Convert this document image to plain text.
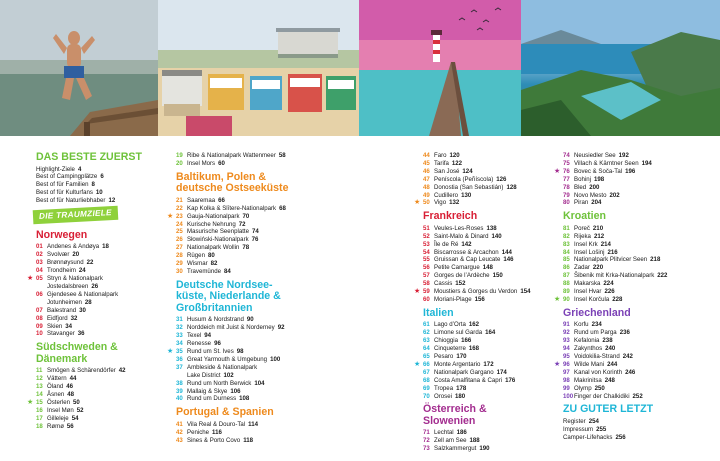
DAS BESTE ZUERST
Highlight-Ziele 4
Best of Campingplätze 6
Best of für Familien 8
Best of für Kulturfans 10
Best of für Naturliebhaber 12
DIE TRAUMZIELE
Norwegen
01 Andenes & Andøya 18
02 Svolvær 20
03 Brønnøysund 22
04 Trondheim 24
★ 05 Stryn & Nationalpark
Jostedalsbreen 26
06 Gjendesee & Nationalpark
Jotunheimen 28
07 Balestrand 30
08 Eidfjord 32
09 Skien 34
10 Stavanger 36
Südschweden &
Dänemark
11 Smögen & Schärendörfer 42
12 Vättern 44
13 Öland 46
14 Åsnen 48
★ 15 Österlen 50
16 Insel Møn 52
17 Gilleleje 54
18 Rømø 56
19 Ribe & Nationalpark Wattenmeer 58
20 Insel Mors 60
Baltikum, Polen &
deutsche Ostseeküste
21 Saaremaa 66
22 Kap Kolka & Slītere-Nationalpark 68
★ 23 Gauja-Nationalpark 70
24 Kurische Nehrung 72
25 Masurische Seenplatte 74
26 Słowiński-Nationalpark 76
27 Nationalpark Wollin 78
28 Rügen 80
29 Wismar 82
30 Travemünde 84
Deutsche Nordsee-
küste, Niederlande &
Großbritannien
31 Husum & Nordstrand 90
32 Norddeich mit Juist & Norderney 92
33 Texel 94
34 Renesse 96
★ 35 Rund um St. Ives 98
36 Great Yarmouth & Umgebung 100
37 Ambleside & Nationalpark
Lake District 102
38 Rund um North Berwick 104
39 Mallaig & Skye 106
40 Rund um Durness 108
Portugal & Spanien
41 Vila Real & Douro-Tal 114
42 Peniche 116
43 Sines & Porto Covo 118
44 Faro 120
45 Tarifa 122
46 San José 124
47 Peníscola (Peñíscola) 126
48 Donostia (San Sebastián) 128
49 Cudillero 130
★ 50 Vigo 132
Frankreich
51 Veules-Les-Roses 138
52 Saint-Malo & Dinard 140
53 Île de Ré 142
54 Biscarrosse & Arcachon 144
55 Gruissan & Cap Leucate 146
56 Petite Camargue 148
57 Gorges de l’Ardèche 150
58 Cassis 152
★ 59 Moustiers & Gorges du Verdon 154
60 Moriani-Plage 156
Italien
61 Lago d’Orta 162
62 Limone sul Garda 164
63 Chioggia 166
64 Cinqueterre 168
65 Pesaro 170
★ 66 Monte Argentario 172
67 Nationalpark Gargano 174
68 Costa Amalfitana & Capri 176
69 Tropea 178
70 Orosei 180
Österreich & Slowenien
71 Lechtal 186
72 Zell am See 188
73 Salzkammergut 190
74 Neusiedler See 192
75 Villach & Kärntner Seen 194
★ 76 Bovec & Soča-Tal 196
77 Bohinj 198
78 Bled 200
79 Novo Mesto 202
80 Piran 204
Kroatien
81 Poreč 210
82 Rijeka 212
83 Insel Krk 214
84 Insel Lošinj 216
85 Nationalpark Plitvicer Seen 218
86 Zadar 220
87 Šibenik mit Krka-Nationalpark 222
88 Makarska 224
89 Insel Hvar 226
★ 90 Insel Korčula 228
Griechenland
91 Korfu 234
92 Rund um Parga 236
93 Kefalonia 238
94 Zakynthos 240
95 Voidokilia-Strand 242
★ 96 Wilde Mani 244
97 Kanal von Korinth 246
98 Makrinitsa 248
99 Olymp 250
100 Finger der Chalkidiki 252
ZU GUTER LETZT
Register 254
Impressum 255
Camper-Lifehacks 256
